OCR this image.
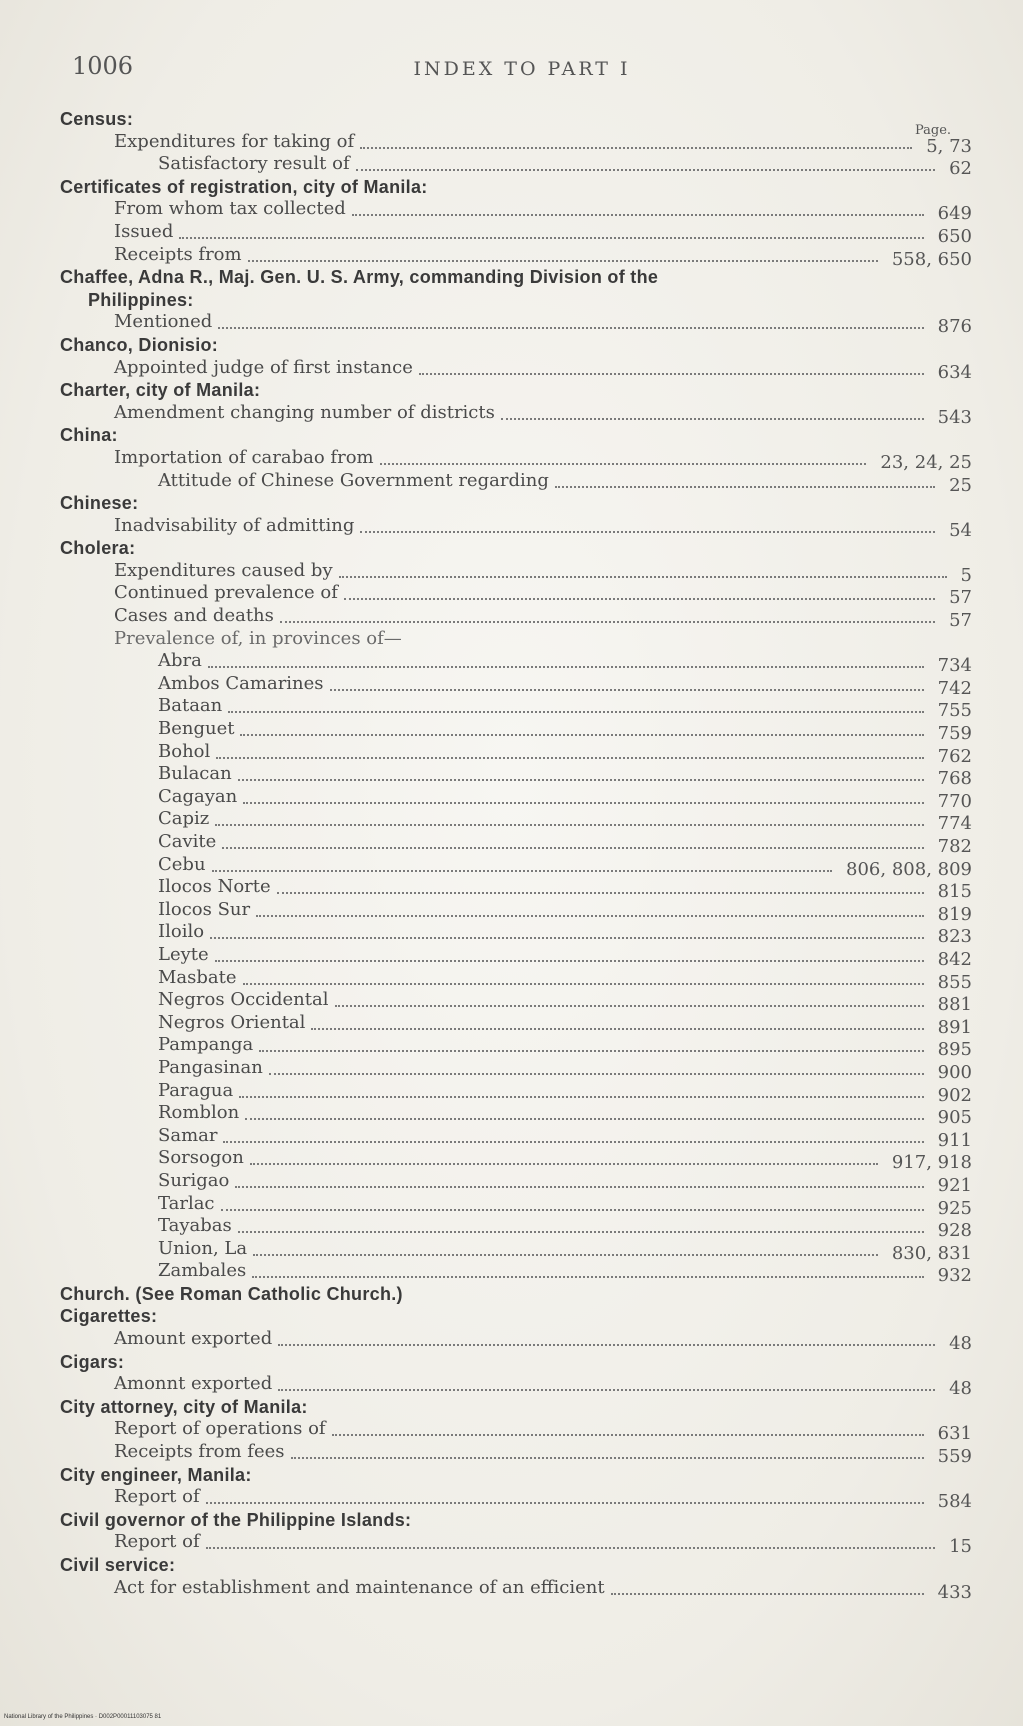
1006	INDEX TO PART I
Page.
Census:
Expenditures for taking of	5, 73
Satisfactory result of	62
Certificates of registration, city of Manila:
From whom tax collected	649
Issued	650
Receipts from	558, 650
Chaffee, Adna R., Maj. Gen. U. S. Army, commanding Division of the
Philippines:
Mentioned	876
Chanco, Dionisio:
Appointed judge of first instance	634
Charter, city of Manila:
Amendment changing number of districts	543
China:
Importation of carabao from	23, 24, 25
Attitude of Chinese Government regarding	25
Chinese:
Inadvisability of admitting	54
Cholera:
Expenditures caused by	5
Continued prevalence of	57
Cases and deaths	57
Prevalence of, in provinces of—
Abra	734
Ambos Camarines	742
Bataan	755
Benguet	759
Bohol	762
Bulacan	768
Cagayan	770
Capiz	774
Cavite	782
Cebu	806, 808, 809
Ilocos Norte	815
Ilocos Sur	819
Iloilo	823
Leyte	842
Masbate	855
Negros Occidental	881
Negros Oriental	891
Pampanga	895
Pangasinan	900
Paragua	902
Romblon	905
Samar	911
Sorsogon	917, 918
Surigao	921
Tarlac	925
Tayabas	928
Union, La	830, 831
Zambales	932
Church. (See Roman Catholic Church.)
Cigarettes:
Amount exported	48
Cigars:
Amonnt exported	48
City attorney, city of Manila:
Report of operations of	631
Receipts from fees	559
City engineer, Manila:
Report of	584
Civil governor of the Philippine Islands:
Report of	15
Civil service:
Act for establishment and maintenance of an efficient	433
National Library of the Philippines · D002P00011103075 81
